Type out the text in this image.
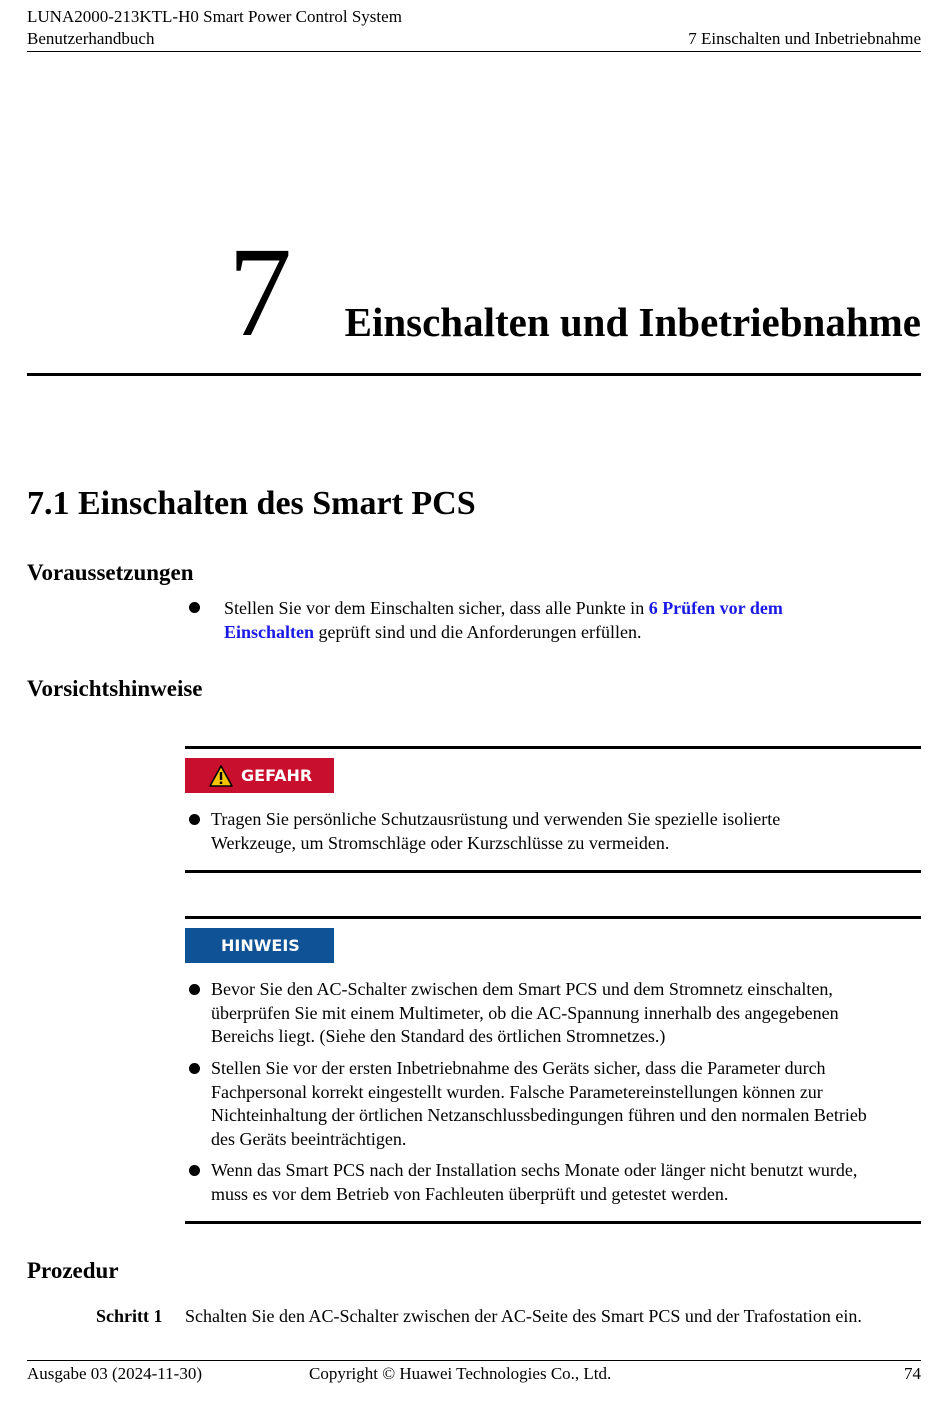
LUNA2000-213KTL-H0 Smart Power Control System
Benutzerhandbuch	7 Einschalten und Inbetriebnahme
7 Einschalten und Inbetriebnahme
7.1 Einschalten des Smart PCS
Voraussetzungen
Stellen Sie vor dem Einschalten sicher, dass alle Punkte in 6 Prüfen vor dem
Einschalten geprüft sind und die Anforderungen erfüllen.
Vorsichtshinweise
GEFAHR
Tragen Sie persönliche Schutzausrüstung und verwenden Sie spezielle isolierte
Werkzeuge, um Stromschläge oder Kurzschlüsse zu vermeiden.
HINWEIS
Bevor Sie den AC-Schalter zwischen dem Smart PCS und dem Stromnetz einschalten,
überprüfen Sie mit einem Multimeter, ob die AC-Spannung innerhalb des angegebenen
Bereichs liegt. (Siehe den Standard des örtlichen Stromnetzes.)
Stellen Sie vor der ersten Inbetriebnahme des Geräts sicher, dass die Parameter durch
Fachpersonal korrekt eingestellt wurden. Falsche Parametereinstellungen können zur
Nichteinhaltung der örtlichen Netzanschlussbedingungen führen und den normalen Betrieb
des Geräts beeinträchtigen.
Wenn das Smart PCS nach der Installation sechs Monate oder länger nicht benutzt wurde,
muss es vor dem Betrieb von Fachleuten überprüft und getestet werden.
Prozedur
Schritt 1 Schalten Sie den AC-Schalter zwischen der AC-Seite des Smart PCS und der Trafostation ein.
Ausgabe 03 (2024-11-30)	Copyright © Huawei Technologies Co., Ltd.	74
